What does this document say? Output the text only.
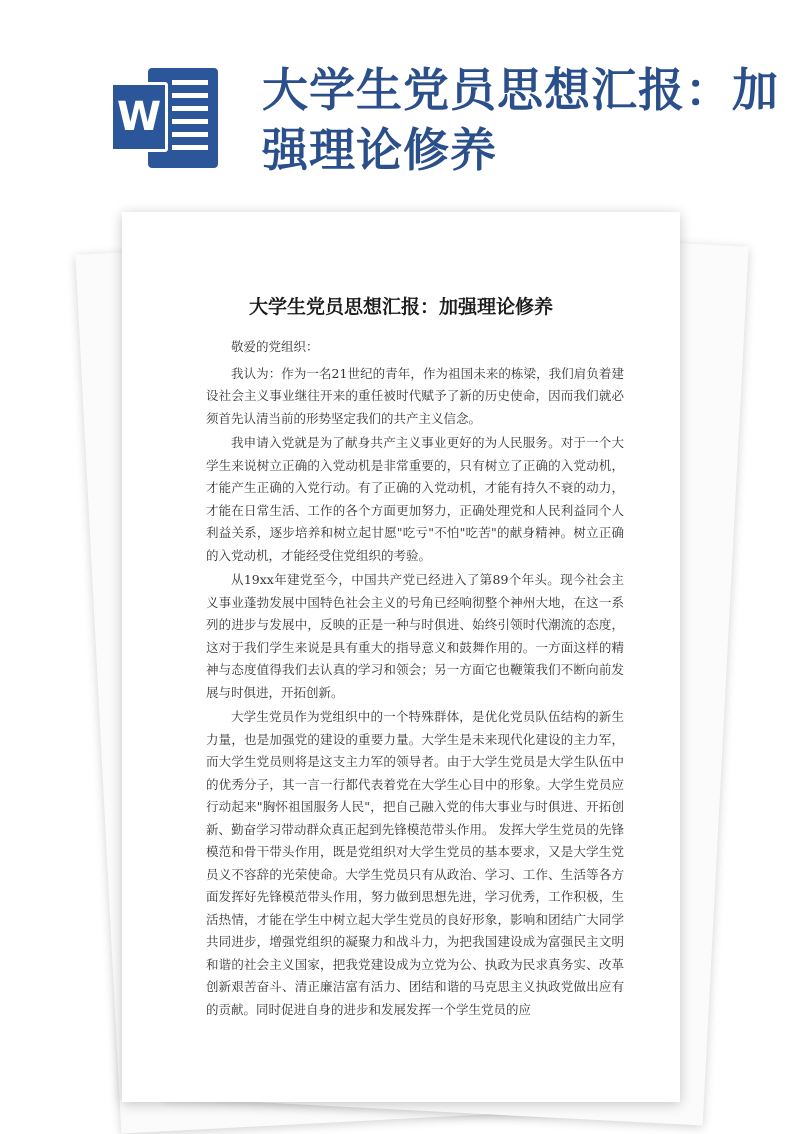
W 大学生党员思想汇报：加强理论修养
大学生党员思想汇报：加强理论修养

敬爱的党组织：

我认为：作为一名21世纪的青年，作为祖国未来的栋梁，我们肩负着建设社会主义事业继往开来的重任被时代赋予了新的历史使命，因而我们就必须首先认清当前的形势坚定我们的共产主义信念。

我申请入党就是为了献身共产主义事业更好的为人民服务。对于一个大学生来说树立正确的入党动机是非常重要的，只有树立了正确的入党动机，才能产生正确的入党行动。有了正确的入党动机，才能有持久不衰的动力，才能在日常生活、工作的各个方面更加努力，正确处理党和人民利益同个人利益关系，逐步培养和树立起甘愿"吃亏"不怕"吃苦"的献身精神。树立正确的入党动机，才能经受住党组织的考验。

从19xx年建党至今，中国共产党已经进入了第89个年头。现今社会主义事业蓬勃发展中国特色社会主义的号角已经响彻整个神州大地，在这一系列的进步与发展中，反映的正是一种与时俱进、始终引领时代潮流的态度，这对于我们学生来说是具有重大的指导意义和鼓舞作用的。一方面这样的精神与态度值得我们去认真的学习和领会；另一方面它也鞭策我们不断向前发展与时俱进，开拓创新。

大学生党员作为党组织中的一个特殊群体，是优化党员队伍结构的新生力量，也是加强党的建设的重要力量。大学生是未来现代化建设的主力军，而大学生党员则将是这支主力军的领导者。由于大学生党员是大学生队伍中的优秀分子，其一言一行都代表着党在大学生心目中的形象。大学生党员应行动起来"胸怀祖国服务人民"，把自己融入党的伟大事业与时俱进、开拓创新、勤奋学习带动群众真正起到先锋模范带头作用。 发挥大学生党员的先锋模范和骨干带头作用，既是党组织对大学生党员的基本要求，又是大学生党员义不容辞的光荣使命。大学生党员只有从政治、学习、工作、生活等各方面发挥好先锋模范带头作用，努力做到思想先进，学习优秀，工作积极，生活热情，才能在学生中树立起大学生党员的良好形象，影响和团结广大同学共同进步，增强党组织的凝聚力和战斗力，为把我国建设成为富强民主文明和谐的社会主义国家，把我党建设成为立党为公、执政为民求真务实、改革创新艰苦奋斗、清正廉洁富有活力、团结和谐的马克思主义执政党做出应有的贡献。同时促进自身的进步和发展发挥一个学生党员的应
